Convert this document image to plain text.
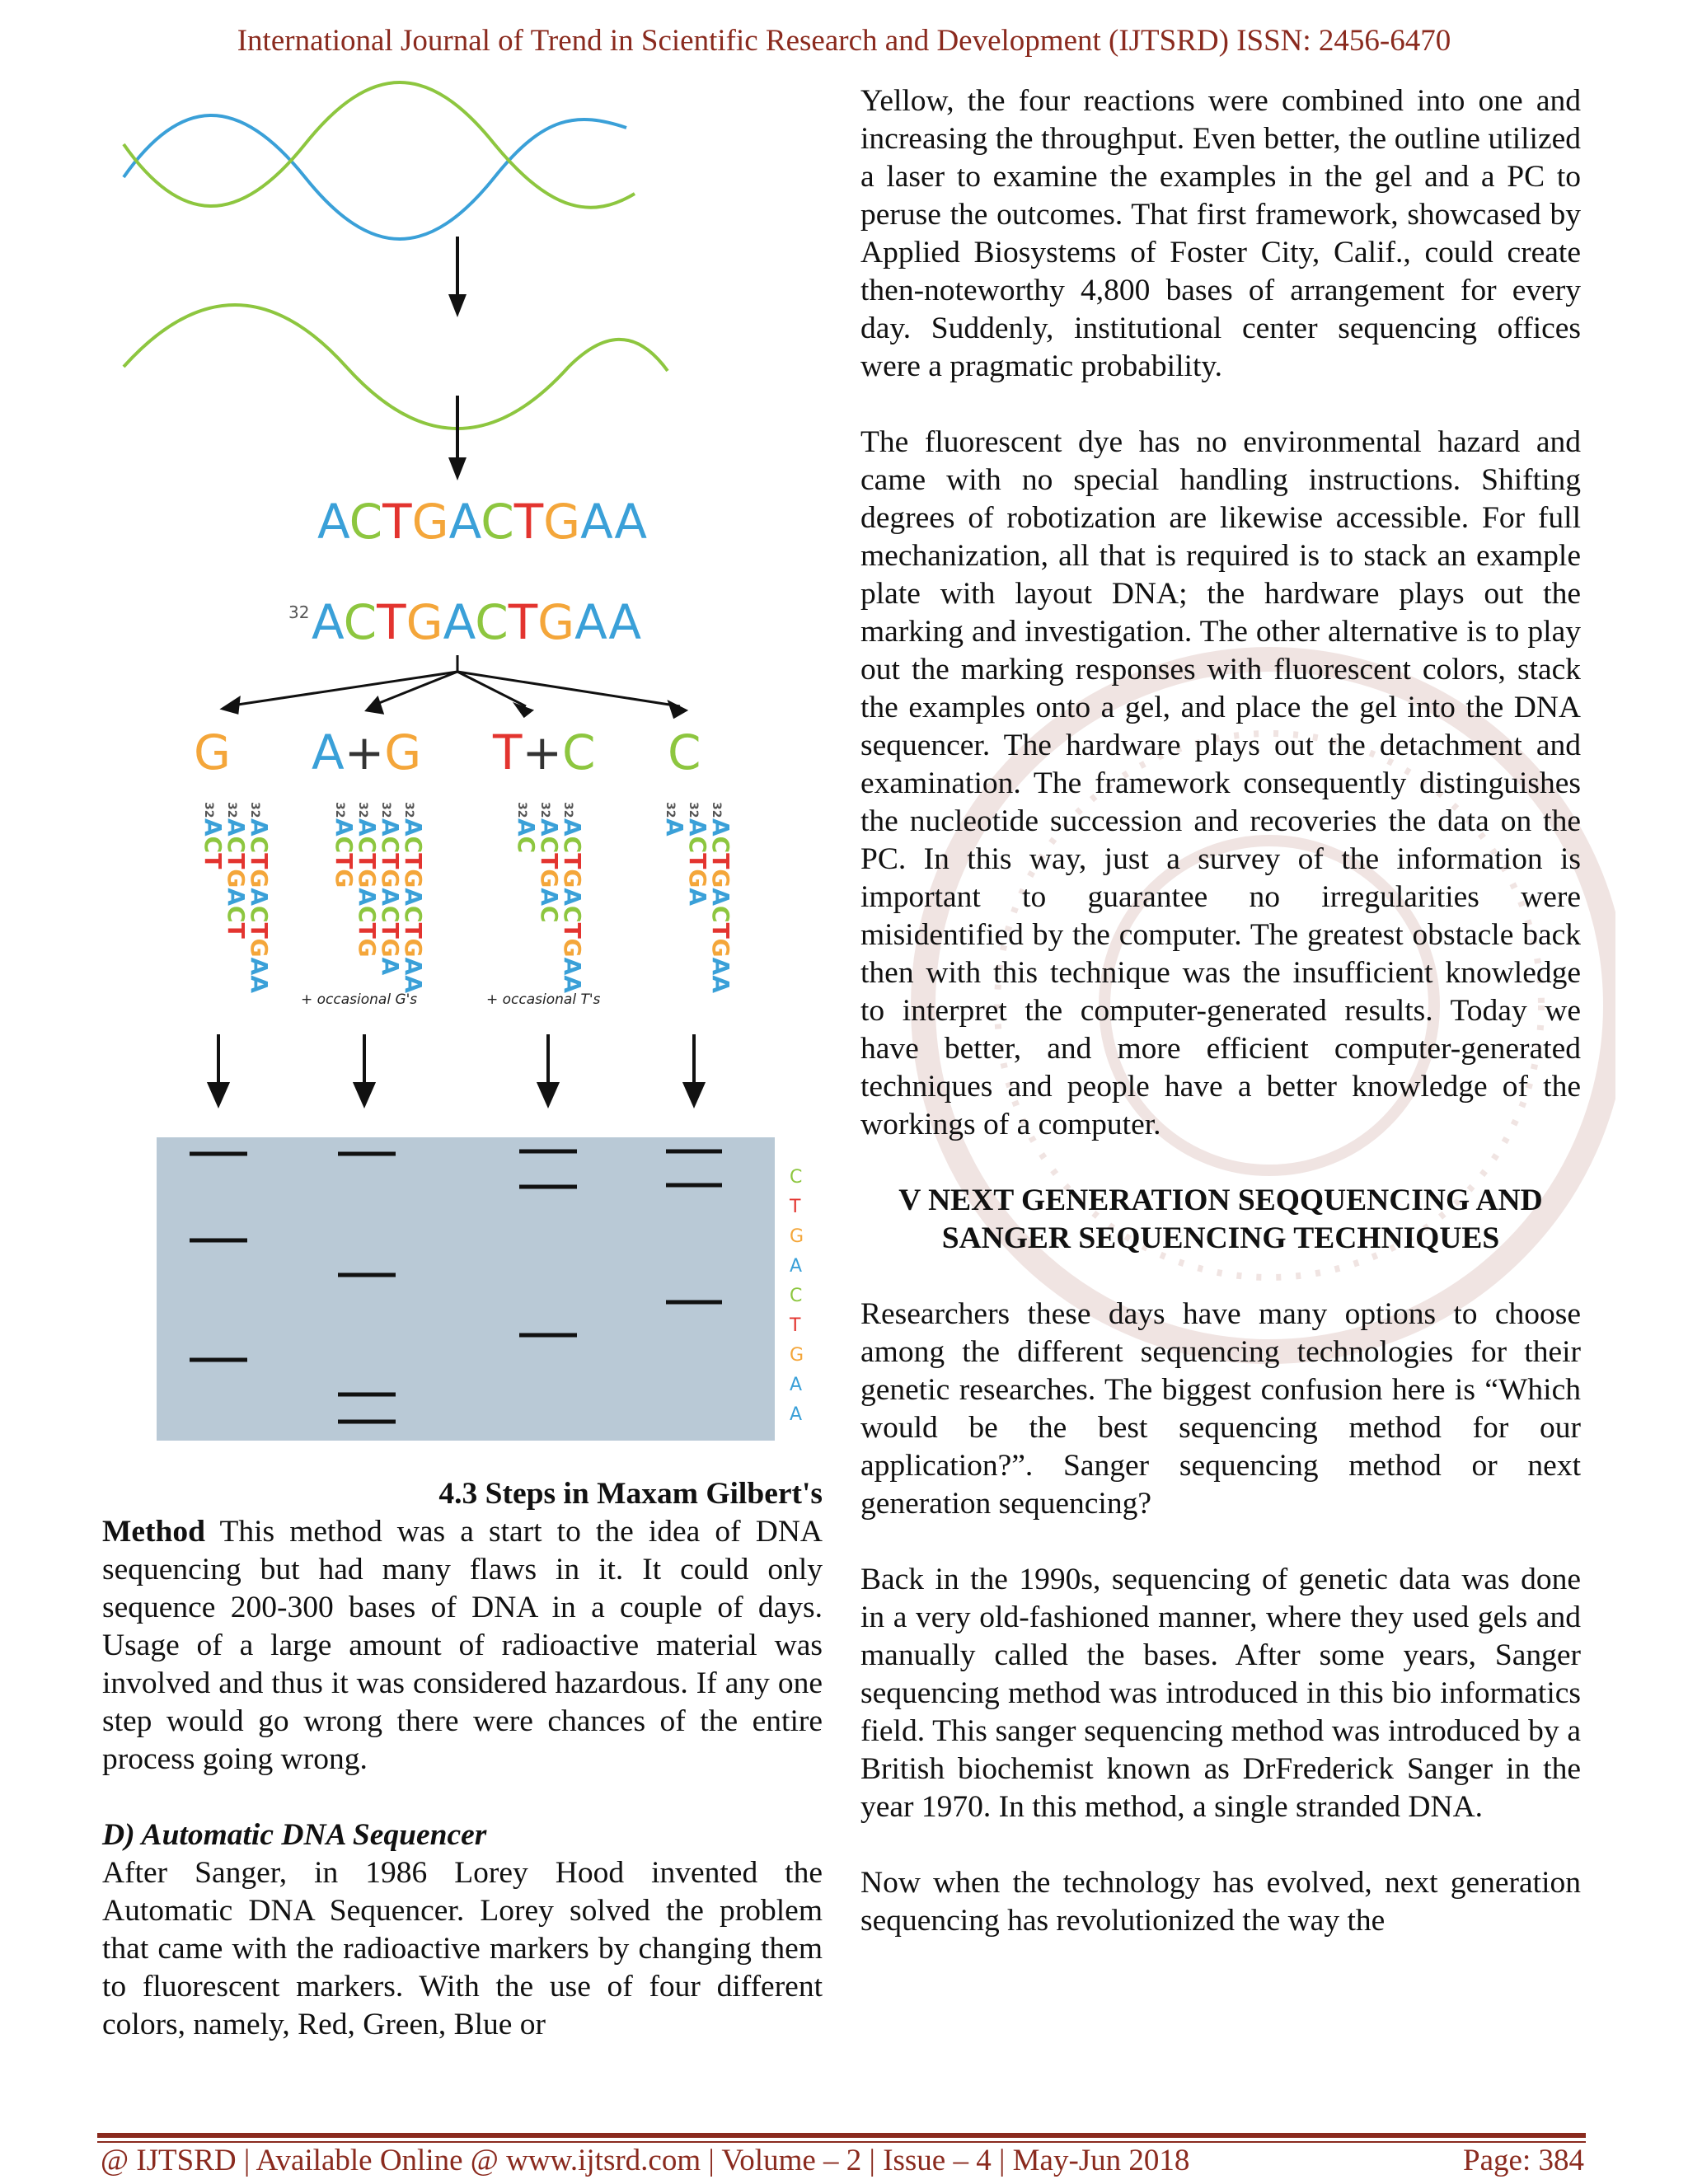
International Journal of Trend in Scientific Research and Development (IJTSRD) ISSN: 2456-6470
ACTGACTGAA
32 ACTGACTGAA
G A+G T+C C
32
ACTGACTGAA
32
ACTGACT
32
ACT
32
ACTGACTGAA
32
ACTGACTGA
32
ACTGACTG
32
ACTG
32
ACTGACTGAA
32
ACTGAC
32
AC
32
ACTGACTGAA
32
ACTGA
32
A
+ occasional G's	+ occasional T's
C
T
G
A
C
T
G
A
A
4.3 Steps in Maxam Gilbert's

Method This method was a start to the idea of DNA sequencing but had many flaws in it. It could only sequence 200-300 bases of DNA in a couple of days. Usage of a large amount of radioactive material was involved and thus it was considered hazardous. If any one step would go wrong there were chances of the entire process going wrong.

D) Automatic DNA Sequencer

After Sanger, in 1986 Lorey Hood invented the Automatic DNA Sequencer. Lorey solved the problem that came with the radioactive markers by changing them to fluorescent markers. With the use of four different colors, namely, Red, Green, Blue or

Yellow, the four reactions were combined into one and increasing the throughput. Even better, the outline utilized a laser to examine the examples in the gel and a PC to peruse the outcomes. That first framework, showcased by Applied Biosystems of Foster City, Calif., could create then-noteworthy 4,800 bases of arrangement for every day. Suddenly, institutional center sequencing offices were a pragmatic probability.

The fluorescent dye has no environmental hazard and came with no special handling instructions. Shifting degrees of robotization are likewise accessible. For full mechanization, all that is required is to stack an example plate with layout DNA; the hardware plays out the marking and investigation. The other alternative is to play out the marking responses with fluorescent colors, stack the examples onto a gel, and place the gel into the DNA sequencer. The hardware plays out the detachment and examination. The framework consequently distinguishes the nucleotide succession and recoveries the data on the PC. In this way, just a survey of the information is important to guarantee no irregularities were misidentified by the computer. The greatest obstacle back then with this technique was the insufficient knowledge to interpret the computer-generated results. Today we have better, and more efficient computer-generated techniques and people have a better knowledge of the workings of a computer.

V NEXT GENERATION SEQQUENCING AND
SANGER SEQUENCING TECHNIQUES

Researchers these days have many options to choose among the different sequencing technologies for their genetic researches. The biggest confusion here is “Which would be the best sequencing method for our application?”. Sanger sequencing method or next generation sequencing?

Back in the 1990s, sequencing of genetic data was done in a very old-fashioned manner, where they used gels and manually called the bases. After some years, Sanger sequencing method was introduced in this bio informatics field. This sanger sequencing method was introduced by a British biochemist known as DrFrederick Sanger in the year 1970. In this method, a single stranded DNA.

Now when the technology has evolved, next generation sequencing has revolutionized the way the

@ IJTSRD | Available Online @ www.ijtsrd.com | Volume – 2 | Issue – 4 | May-Jun 2018	Page: 384
